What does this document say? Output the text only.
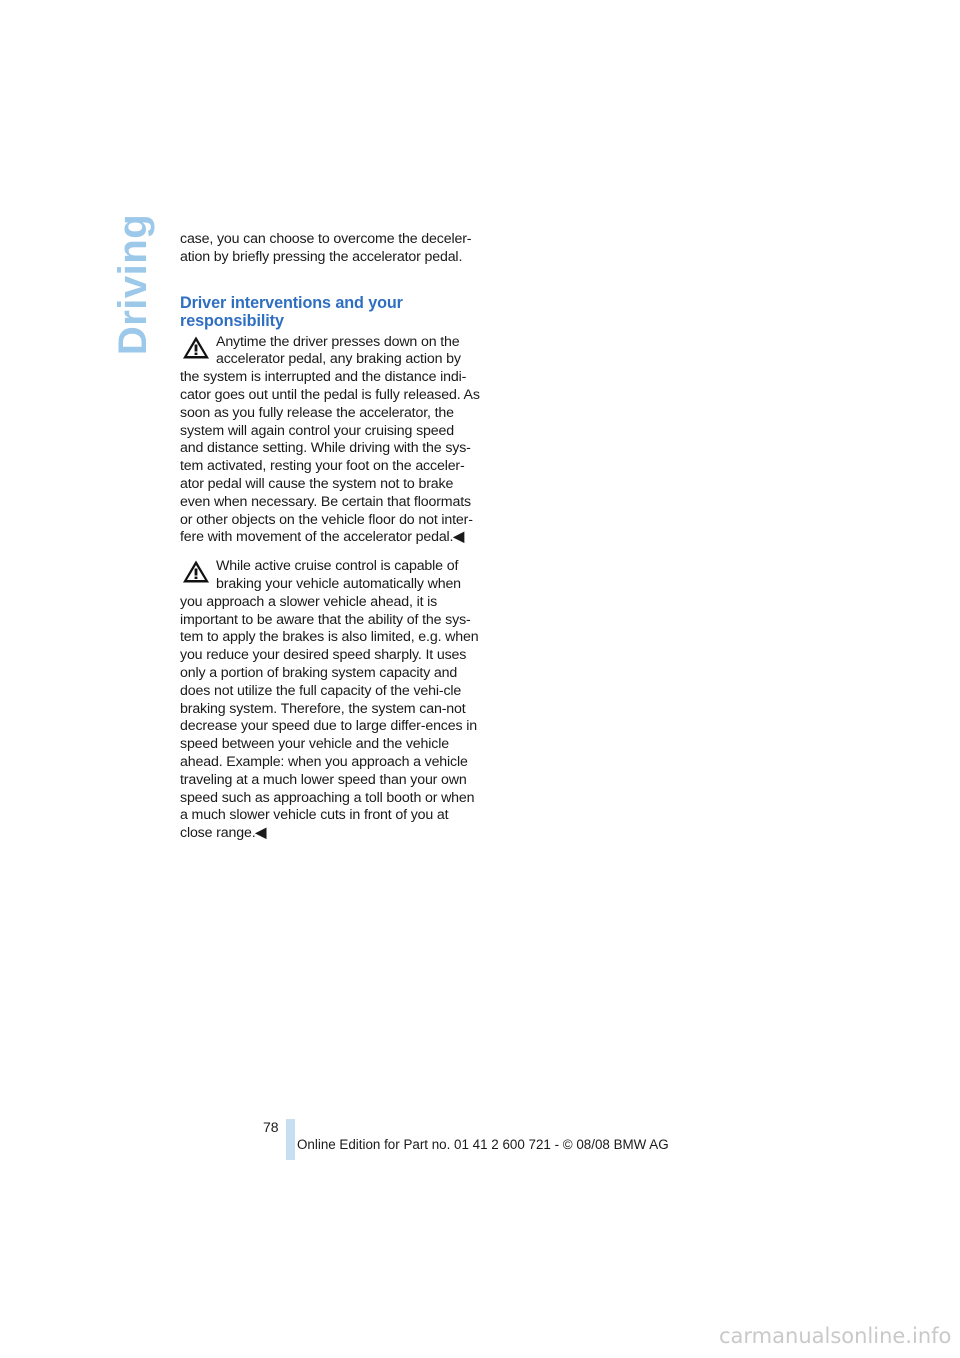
Driving case, you can choose to overcome the deceler-ation by briefly pressing the accelerator pedal.

Driver interventions and your responsibility

Anytime the driver presses down on the accelerator pedal, any braking action by the system is interrupted and the distance indi-cator goes out until the pedal is fully released. As soon as you fully release the accelerator, the system will again control your cruising speed and distance setting. While driving with the sys-tem activated, resting your foot on the acceler-ator pedal will cause the system not to brake even when necessary. Be certain that floormats or other objects on the vehicle floor do not inter-fere with movement of the accelerator pedal.◀

While active cruise control is capable of braking your vehicle automatically when you approach a slower vehicle ahead, it is important to be aware that the ability of the sys-tem to apply the brakes is also limited, e.g. when you reduce your desired speed sharply. It uses only a portion of braking system capacity and does not utilize the full capacity of the vehi-cle braking system. Therefore, the system can-not decrease your speed due to large differ-ences in speed between your vehicle and the vehicle ahead. Example: when you approach a vehicle traveling at a much lower speed than your own speed such as approaching a toll booth or when a much slower vehicle cuts in front of you at close range.◀

78
Online Edition for Part no. 01 41 2 600 721 - © 08/08 BMW AG
carmanualsonline.info
